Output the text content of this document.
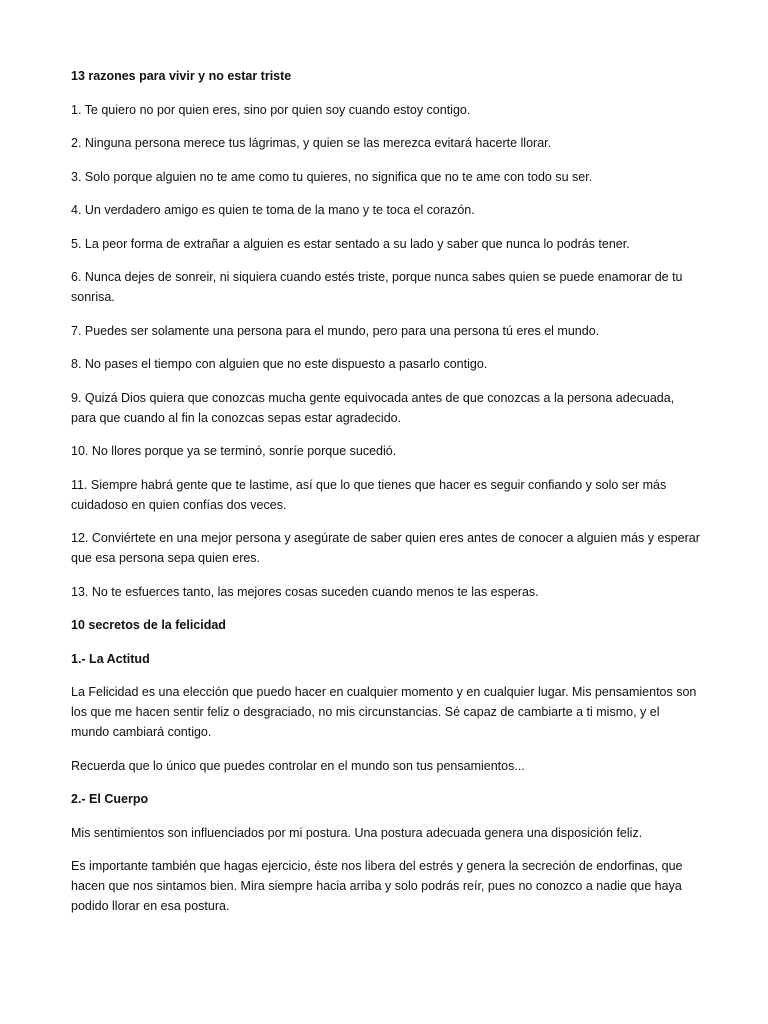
13 razones para vivir y no estar triste

1. Te quiero no por quien eres, sino por quien soy cuando estoy contigo.

2. Ninguna persona merece tus lágrimas, y quien se las merezca evitará hacerte llorar.

3. Solo porque alguien no te ame como tu quieres, no significa que no te ame con todo su ser.

4. Un verdadero amigo es quien te toma de la mano y te toca el corazón.

5. La peor forma de extrañar a alguien es estar sentado a su lado y saber que nunca lo podrás tener.

6. Nunca dejes de sonreir, ni siquiera cuando estés triste, porque nunca sabes quien se puede enamorar de tu sonrisa.

7. Puedes ser solamente una persona para el mundo, pero para una persona tú eres el mundo.

8. No pases el tiempo con alguien que no este dispuesto a pasarlo contigo.

9. Quizá Dios quiera que conozcas mucha gente equivocada antes de que conozcas a la persona adecuada, para que cuando al fin la conozcas sepas estar agradecido.

10. No llores porque ya se terminó, sonríe porque sucedió.

11. Siempre habrá gente que te lastime, así que lo que tienes que hacer es seguir confiando y solo ser más cuidadoso en quien confías dos veces.

12. Conviértete en una mejor persona y asegúrate de saber quien eres antes de conocer a alguien más y esperar que esa persona sepa quien eres.

13. No te esfuerces tanto, las mejores cosas suceden cuando menos te las esperas.

10 secretos de la felicidad

1.- La Actitud

La Felicidad es una elección que puedo hacer en cualquier momento y en cualquier lugar. Mis pensamientos son los que me hacen sentir feliz o desgraciado, no mis circunstancias. Sé capaz de cambiarte a ti mismo, y el mundo cambiará contigo.

Recuerda que lo único que puedes controlar en el mundo son tus pensamientos...

2.- El Cuerpo

Mis sentimientos son influenciados por mi postura. Una postura adecuada genera una disposición feliz.

Es importante también que hagas ejercicio, éste nos libera del estrés y genera la secreción de endorfinas, que hacen que nos sintamos bien. Mira siempre hacia arriba y solo podrás reír, pues no conozco a nadie que haya podido llorar en esa postura.
